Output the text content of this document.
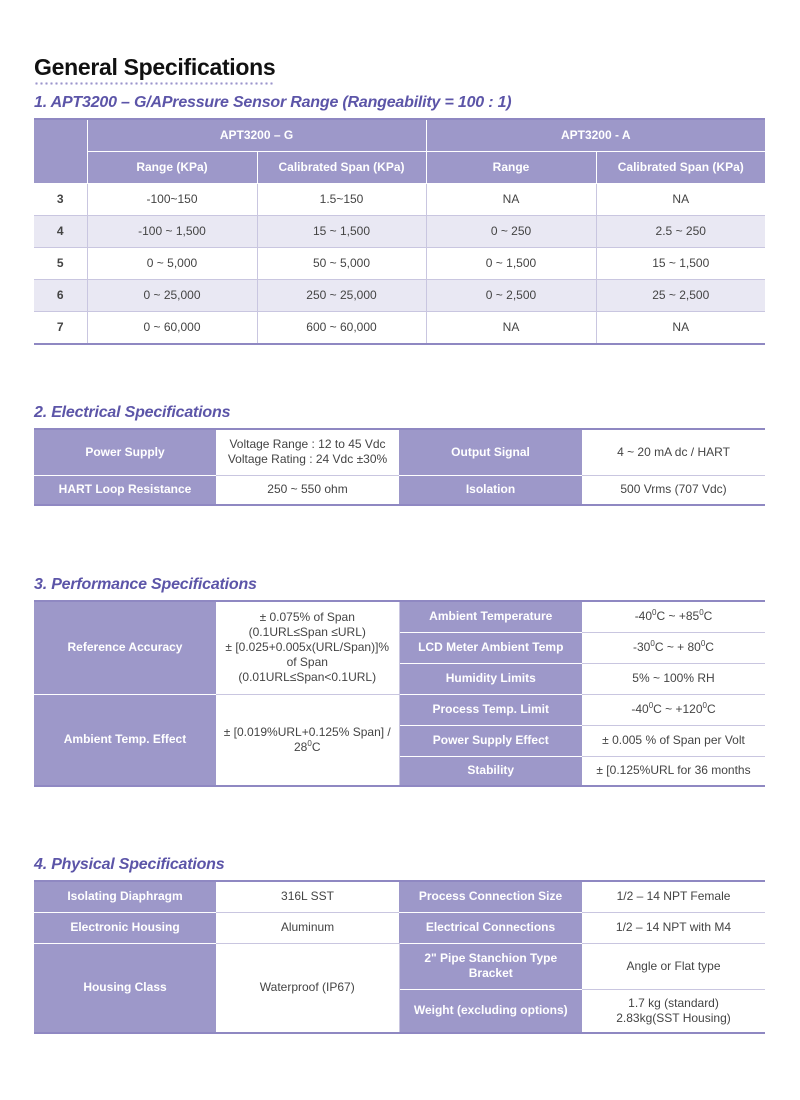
General Specifications
1. APT3200 – G/APressure Sensor Range (Rangeability = 100 : 1)
	APT3200 – G		APT3200 - A	
	Range (KPa)	Calibrated Span (KPa)	Range	Calibrated Span (KPa)
3	-100~150	1.5~150	NA	NA
4	-100 ~ 1,500	15 ~ 1,500	0 ~ 250	2.5 ~ 250
5	0 ~ 5,000	50 ~ 5,000	0 ~ 1,500	15 ~ 1,500
6	0 ~ 25,000	250 ~ 25,000	0 ~ 2,500	25 ~ 2,500
7	0 ~ 60,000	600 ~ 60,000	NA	NA
2. Electrical Specifications
Power Supply	Voltage Range : 12 to 45 Vdc
Voltage Rating : 24 Vdc ±30%	Output Signal	4 ~ 20 mA dc / HART
HART Loop Resistance	250 ~ 550 ohm	Isolation	500 Vrms (707 Vdc)
3. Performance Specifications
Reference Accuracy	± 0.075% of Span
(0.1URL≤Span ≤URL)
± [0.025+0.005x(URL/Span)]%
of Span
(0.01URL≤Span<0.1URL)	Ambient Temperature	$-40^0C$ ~ $+85^0C$
		LCD Meter Ambient Temp	$-30^0C$ ~ + $80^0C$
		Humidity Limits	5% ~ 100% RH
Ambient Temp. Effect	± [0.019%URL+0.125% Span] /
$28^0C$	Process Temp. Limit	$-40^0C$ ~ $+120^0C$
		Power Supply Effect	± 0.005 % of Span per Volt
		Stability	± [0.125%URL for 36 months
4. Physical Specifications
Isolating Diaphragm	316L SST	Process Connection Size	1/2 – 14 NPT Female
Electronic Housing	Aluminum	Electrical Connections	1/2 – 14 NPT with M4
Housing Class	Waterproof (IP67)	2" Pipe Stanchion Type
Bracket	Angle or Flat type
		Weight (excluding options)	1.7 kg (standard)
2.83kg(SST Housing)
